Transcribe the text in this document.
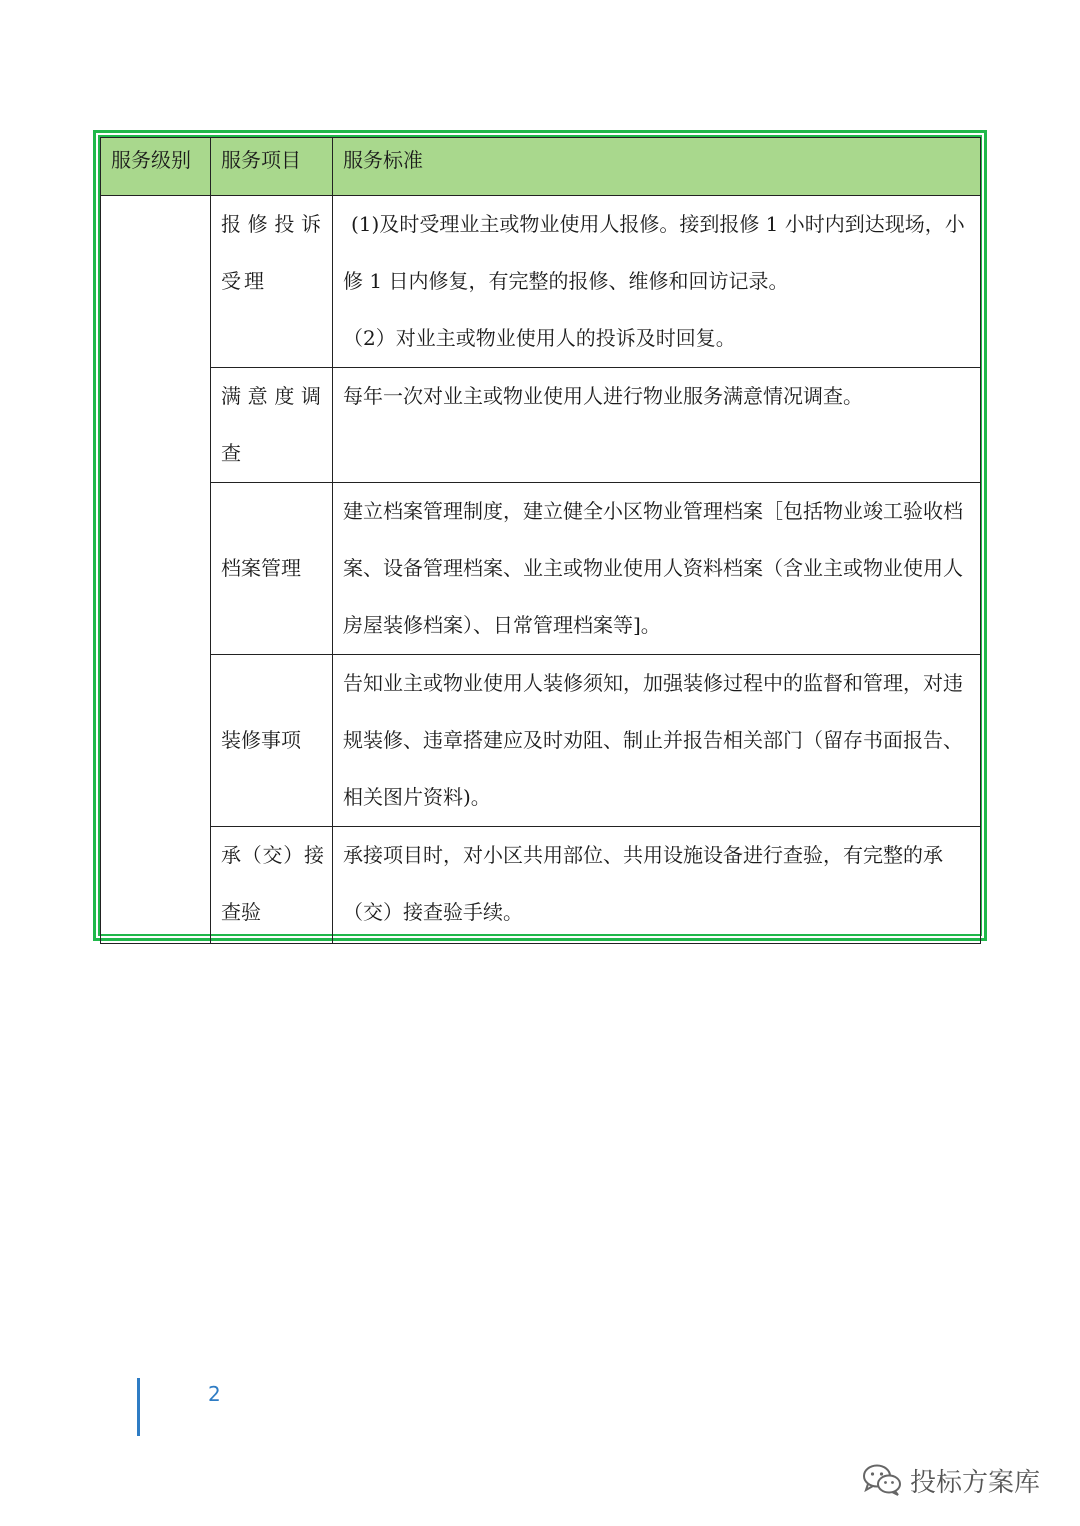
服务级别	服务项目	服务标准
	报修投诉受理	(1)及时受理业主或物业使用人报修。接到报修 1 小时内到达现场，小修 1 日内修复，有完整的报修、维修和回访记录。

（2）对业主或物业使用人的投诉及时回复。

	满意度调查	每年一次对业主或物业使用人进行物业服务满意情况调查。

	档案管理	建立档案管理制度，建立健全小区物业管理档案［包括物业竣工验收档案、设备管理档案、业主或物业使用人资料档案（含业主或物业使用人房屋装修档案）、日常管理档案等]。

	装修事项	告知业主或物业使用人装修须知，加强装修过程中的监督和管理，对违规装修、违章搭建应及时劝阻、制止并报告相关部门（留存书面报告、相关图片资料)。

	承（交）接查验	承接项目时，对小区共用部位、共用设施设备进行查验，有完整的承（交）接查验手续。

2
投标方案库
